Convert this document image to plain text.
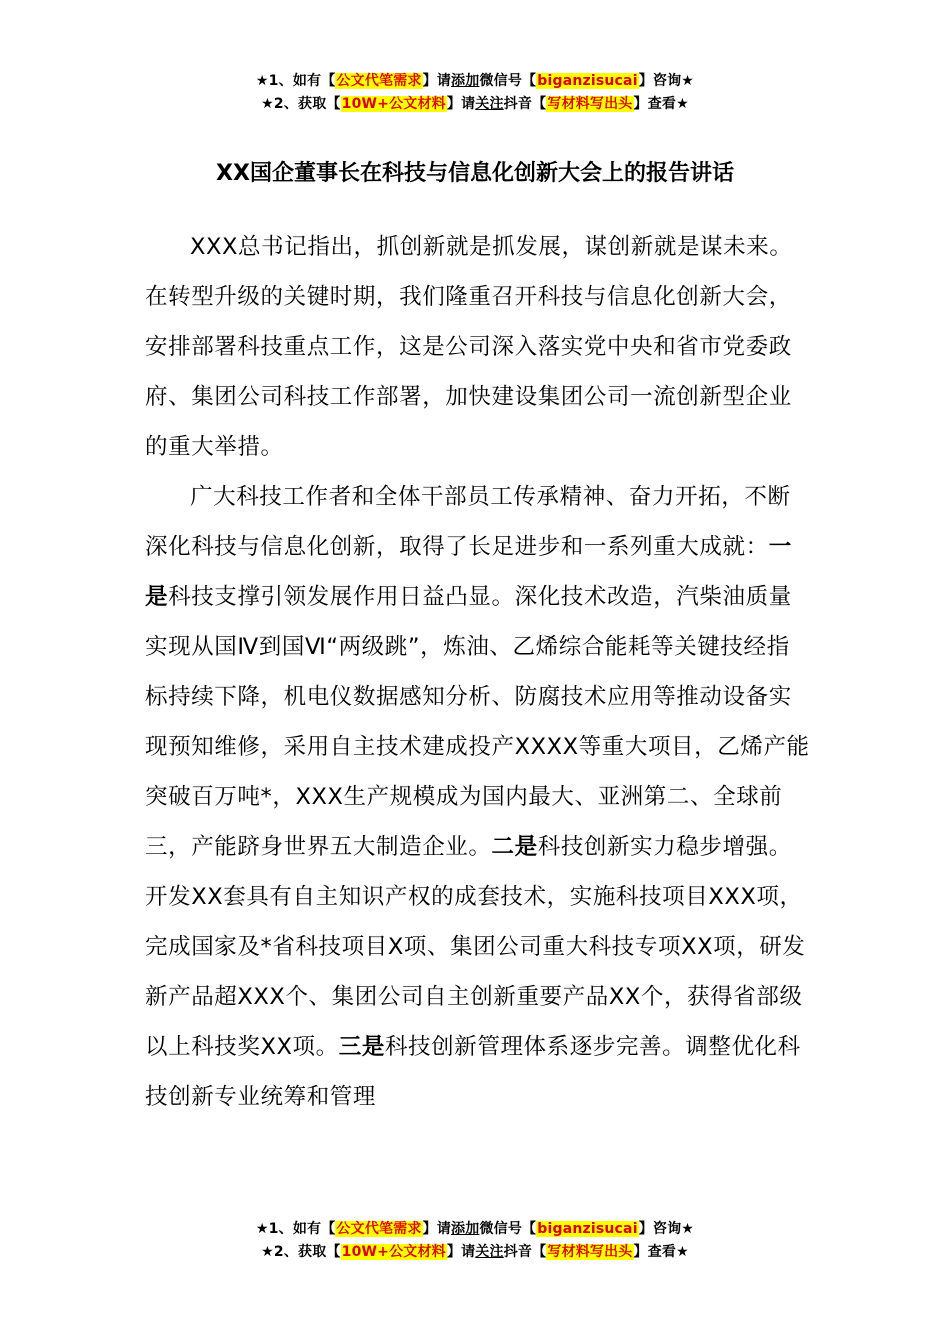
★1、如有【公文代笔需求】请添加微信号【biganzisucai】咨询★
★2、获取【10W+公文材料】请关注抖音【写材料写出头】查看★
XX国企董事长在科技与信息化创新大会上的报告讲话

XXX总书记指出，抓创新就是抓发展，谋创新就是谋未来。在转型升级的关键时期，我们隆重召开科技与信息化创新大会，安排部署科技重点工作，这是公司深入落实党中央和省市党委政府、集团公司科技工作部署，加快建设集团公司一流创新型企业的重大举措。

广大科技工作者和全体干部员工传承精神、奋力开拓，不断深化科技与信息化创新，取得了长足进步和一系列重大成就：一是科技支撑引领发展作用日益凸显。深化技术改造，汽柴油质量实现从国Ⅳ到国Ⅵ“两级跳”，炼油、乙烯综合能耗等关键技经指标持续下降，机电仪数据感知分析、防腐技术应用等推动设备实现预知维修，采用自主技术建成投产XXXX等重大项目，乙烯产能突破百万吨*，XXX生产规模成为国内最大、亚洲第二、全球前三，产能跻身世界五大制造企业。二是科技创新实力稳步增强。开发XX套具有自主知识产权的成套技术，实施科技项目XXX项，完成国家及*省科技项目X项、集团公司重大科技专项XX项，研发新产品超XXX个、集团公司自主创新重要产品XX个，获得省部级以上科技奖XX项。三是科技创新管理体系逐步完善。调整优化科技创新专业统筹和管理

★1、如有【公文代笔需求】请添加微信号【biganzisucai】咨询★
★2、获取【10W+公文材料】请关注抖音【写材料写出头】查看★
